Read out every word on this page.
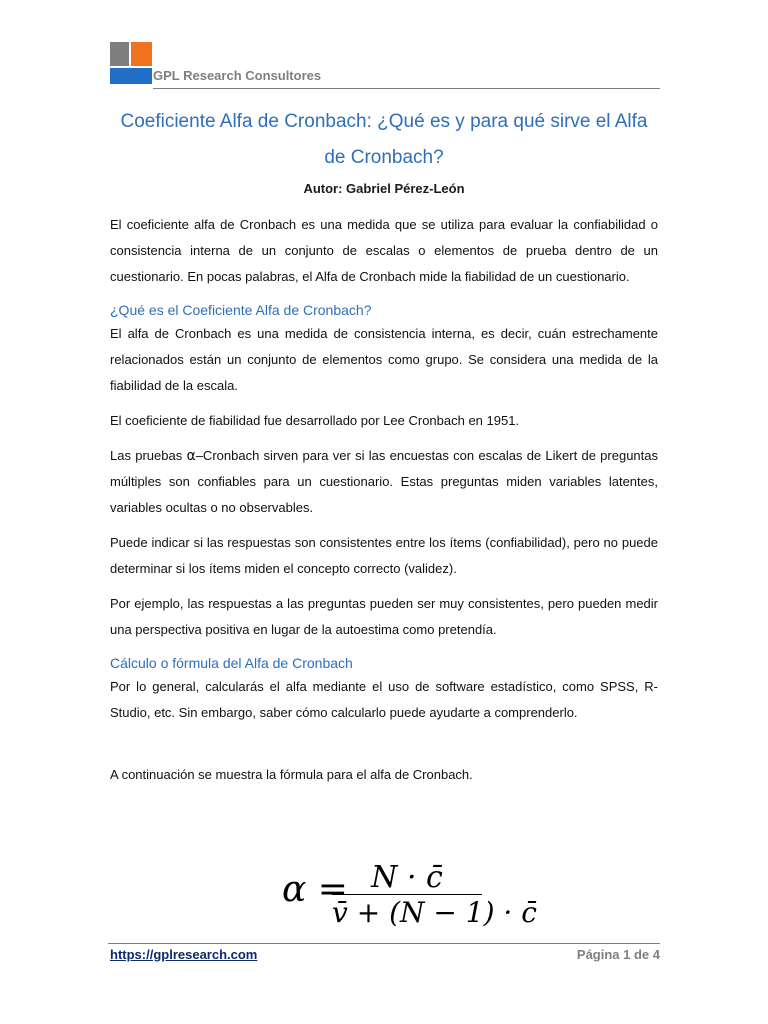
GPL Research Consultores
Coeficiente Alfa de Cronbach: ¿Qué es y para qué sirve el Alfa de Cronbach?
Autor: Gabriel Pérez-León

El coeficiente alfa de Cronbach es una medida que se utiliza para evaluar la confiabilidad o consistencia interna de un conjunto de escalas o elementos de prueba dentro de un cuestionario. En pocas palabras, el Alfa de Cronbach mide la fiabilidad de un cuestionario.

¿Qué es el Coeficiente Alfa de Cronbach?

El alfa de Cronbach es una medida de consistencia interna, es decir, cuán estrechamente relacionados están un conjunto de elementos como grupo. Se considera una medida de la fiabilidad de la escala.

El coeficiente de fiabilidad fue desarrollado por Lee Cronbach en 1951.

Las pruebas α–Cronbach sirven para ver si las encuestas con escalas de Likert de preguntas múltiples son confiables para un cuestionario. Estas preguntas miden variables latentes, variables ocultas o no observables.

Puede indicar si las respuestas son consistentes entre los ítems (confiabilidad), pero no puede determinar si los ítems miden el concepto correcto (validez).

Por ejemplo, las respuestas a las preguntas pueden ser muy consistentes, pero pueden medir una perspectiva positiva en lugar de la autoestima como pretendía.

Cálculo o fórmula del Alfa de Cronbach

Por lo general, calcularás el alfa mediante el uso de software estadístico, como SPSS, R-Studio, etc. Sin embargo, saber cómo calcularlo puede ayudarte a comprenderlo.

A continuación se muestra la fórmula para el alfa de Cronbach.

α = N · c̄
v̄ + (N − 1) · c̄
https://gplresearch.com	Página 1 de 4
